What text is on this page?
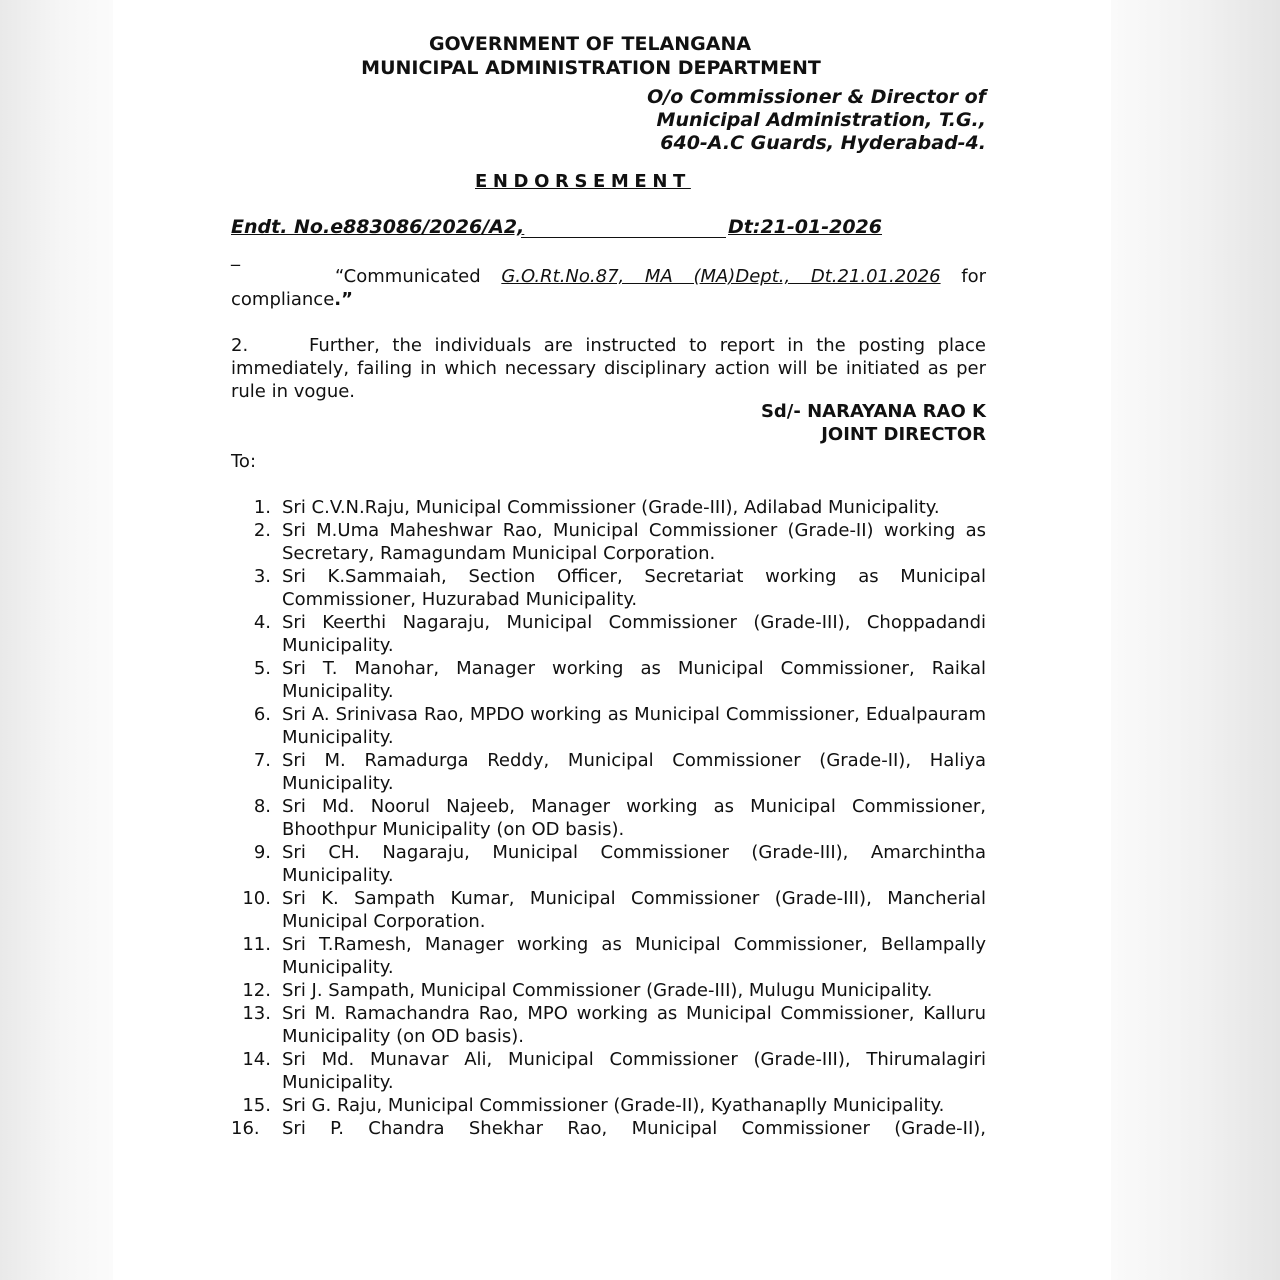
GOVERNMENT OF TELANGANA
MUNICIPAL ADMINISTRATION DEPARTMENT
O/o Commissioner & Director of
Municipal Administration, T.G.,
640-A.C Guards, Hyderabad-4.
ENDORSEMENT
Endt. No.e883086/2026/A2,	Dt:21-01-2026
_
“Communicated G.O.Rt.No.87, MA (MA)Dept., Dt.21.01.2026 for compliance.”
2.	Further, the individuals are instructed to report in the posting place immediately, failing in which necessary disciplinary action will be initiated as per rule in vogue.
Sd/- NARAYANA RAO K
JOINT DIRECTOR
To:
1. Sri C.V.N.Raju, Municipal Commissioner (Grade-III), Adilabad Municipality.
2. Sri M.Uma Maheshwar Rao, Municipal Commissioner (Grade-II) working as Secretary, Ramagundam Municipal Corporation.
3. Sri K.Sammaiah, Section Officer, Secretariat working as Municipal Commissioner, Huzurabad Municipality.
4. Sri Keerthi Nagaraju, Municipal Commissioner (Grade-III), Choppadandi Municipality.
5. Sri T. Manohar, Manager working as Municipal Commissioner, Raikal Municipality.
6. Sri A. Srinivasa Rao, MPDO working as Municipal Commissioner, Edualpauram Municipality.
7. Sri M. Ramadurga Reddy, Municipal Commissioner (Grade-II), Haliya Municipality.
8. Sri Md. Noorul Najeeb, Manager working as Municipal Commissioner, Bhoothpur Municipality (on OD basis).
9. Sri CH. Nagaraju, Municipal Commissioner (Grade-III), Amarchintha Municipality.
10. Sri K. Sampath Kumar, Municipal Commissioner (Grade-III), Mancherial Municipal Corporation.
11. Sri T.Ramesh, Manager working as Municipal Commissioner, Bellampally Municipality.
12. Sri J. Sampath, Municipal Commissioner (Grade-III), Mulugu Municipality.
13. Sri M. Ramachandra Rao, MPO working as Municipal Commissioner, Kalluru Municipality (on OD basis).
14. Sri Md. Munavar Ali, Municipal Commissioner (Grade-III), Thirumalagiri Municipality.
15. Sri G. Raju, Municipal Commissioner (Grade-II), Kyathanaplly Municipality.
16.	Sri P. Chandra Shekhar Rao, Municipal Commissioner (Grade-II),
